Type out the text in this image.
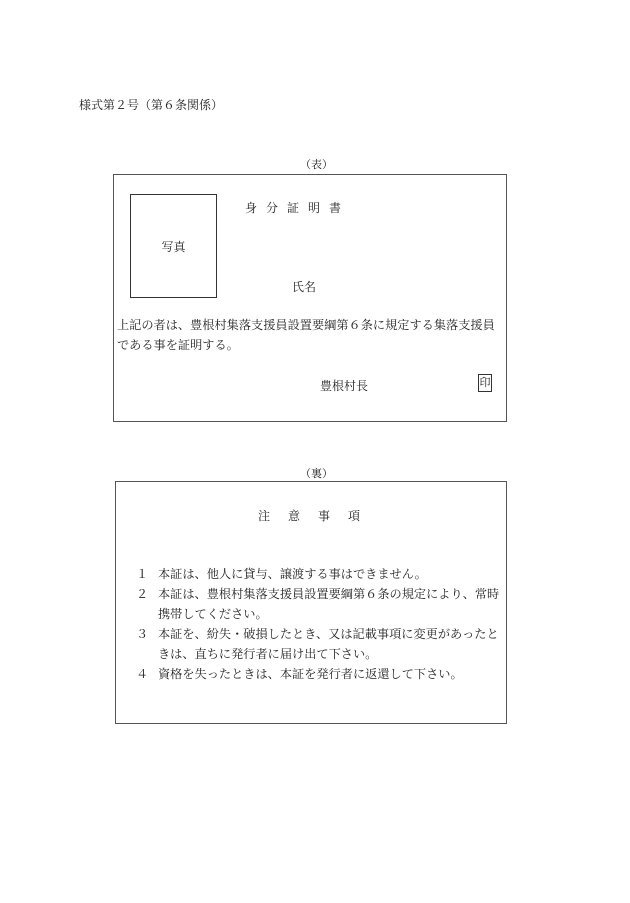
様式第２号（第６条関係）
（表）
写真
身分証明書
氏名
上記の者は、豊根村集落支援員設置要綱第６条に規定する集落支援員である事を証明する。
豊根村長	印
（裏）
注意事項
１ 本証は、他人に貸与、譲渡する事はできません。
２ 本証は、豊根村集落支援員設置要綱第６条の規定により、常時携帯してください。
３ 本証を、紛失・破損したとき、又は記載事項に変更があったときは、直ちに発行者に届け出て下さい。
４ 資格を失ったときは、本証を発行者に返還して下さい。
